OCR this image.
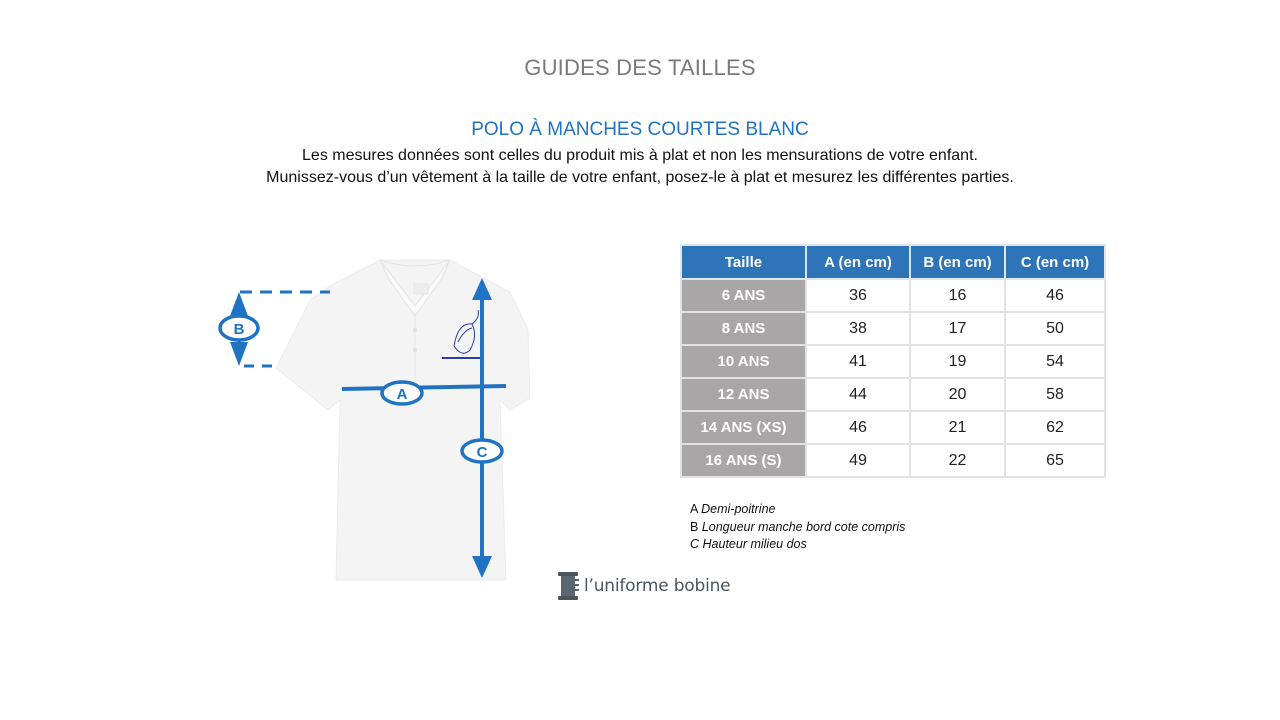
GUIDES DES TAILLES
POLO À MANCHES COURTES BLANC
Les mesures données sont celles du produit mis à plat et non les mensurations de votre enfant.
Munissez-vous d’un vêtement à la taille de votre enfant, posez-le à plat et mesurez les différentes parties.
B
A
C
Taille	A (en cm)	B (en cm)	C (en cm)
6 ANS	36	16	46
8 ANS	38	17	50
10 ANS	41	19	54
12 ANS	44	20	58
14 ANS (XS)	46	21	62
16 ANS (S)	49	22	65
A Demi-poitrine
B Longueur manche bord cote compris
C Hauteur milieu dos
l’uniforme bobine
